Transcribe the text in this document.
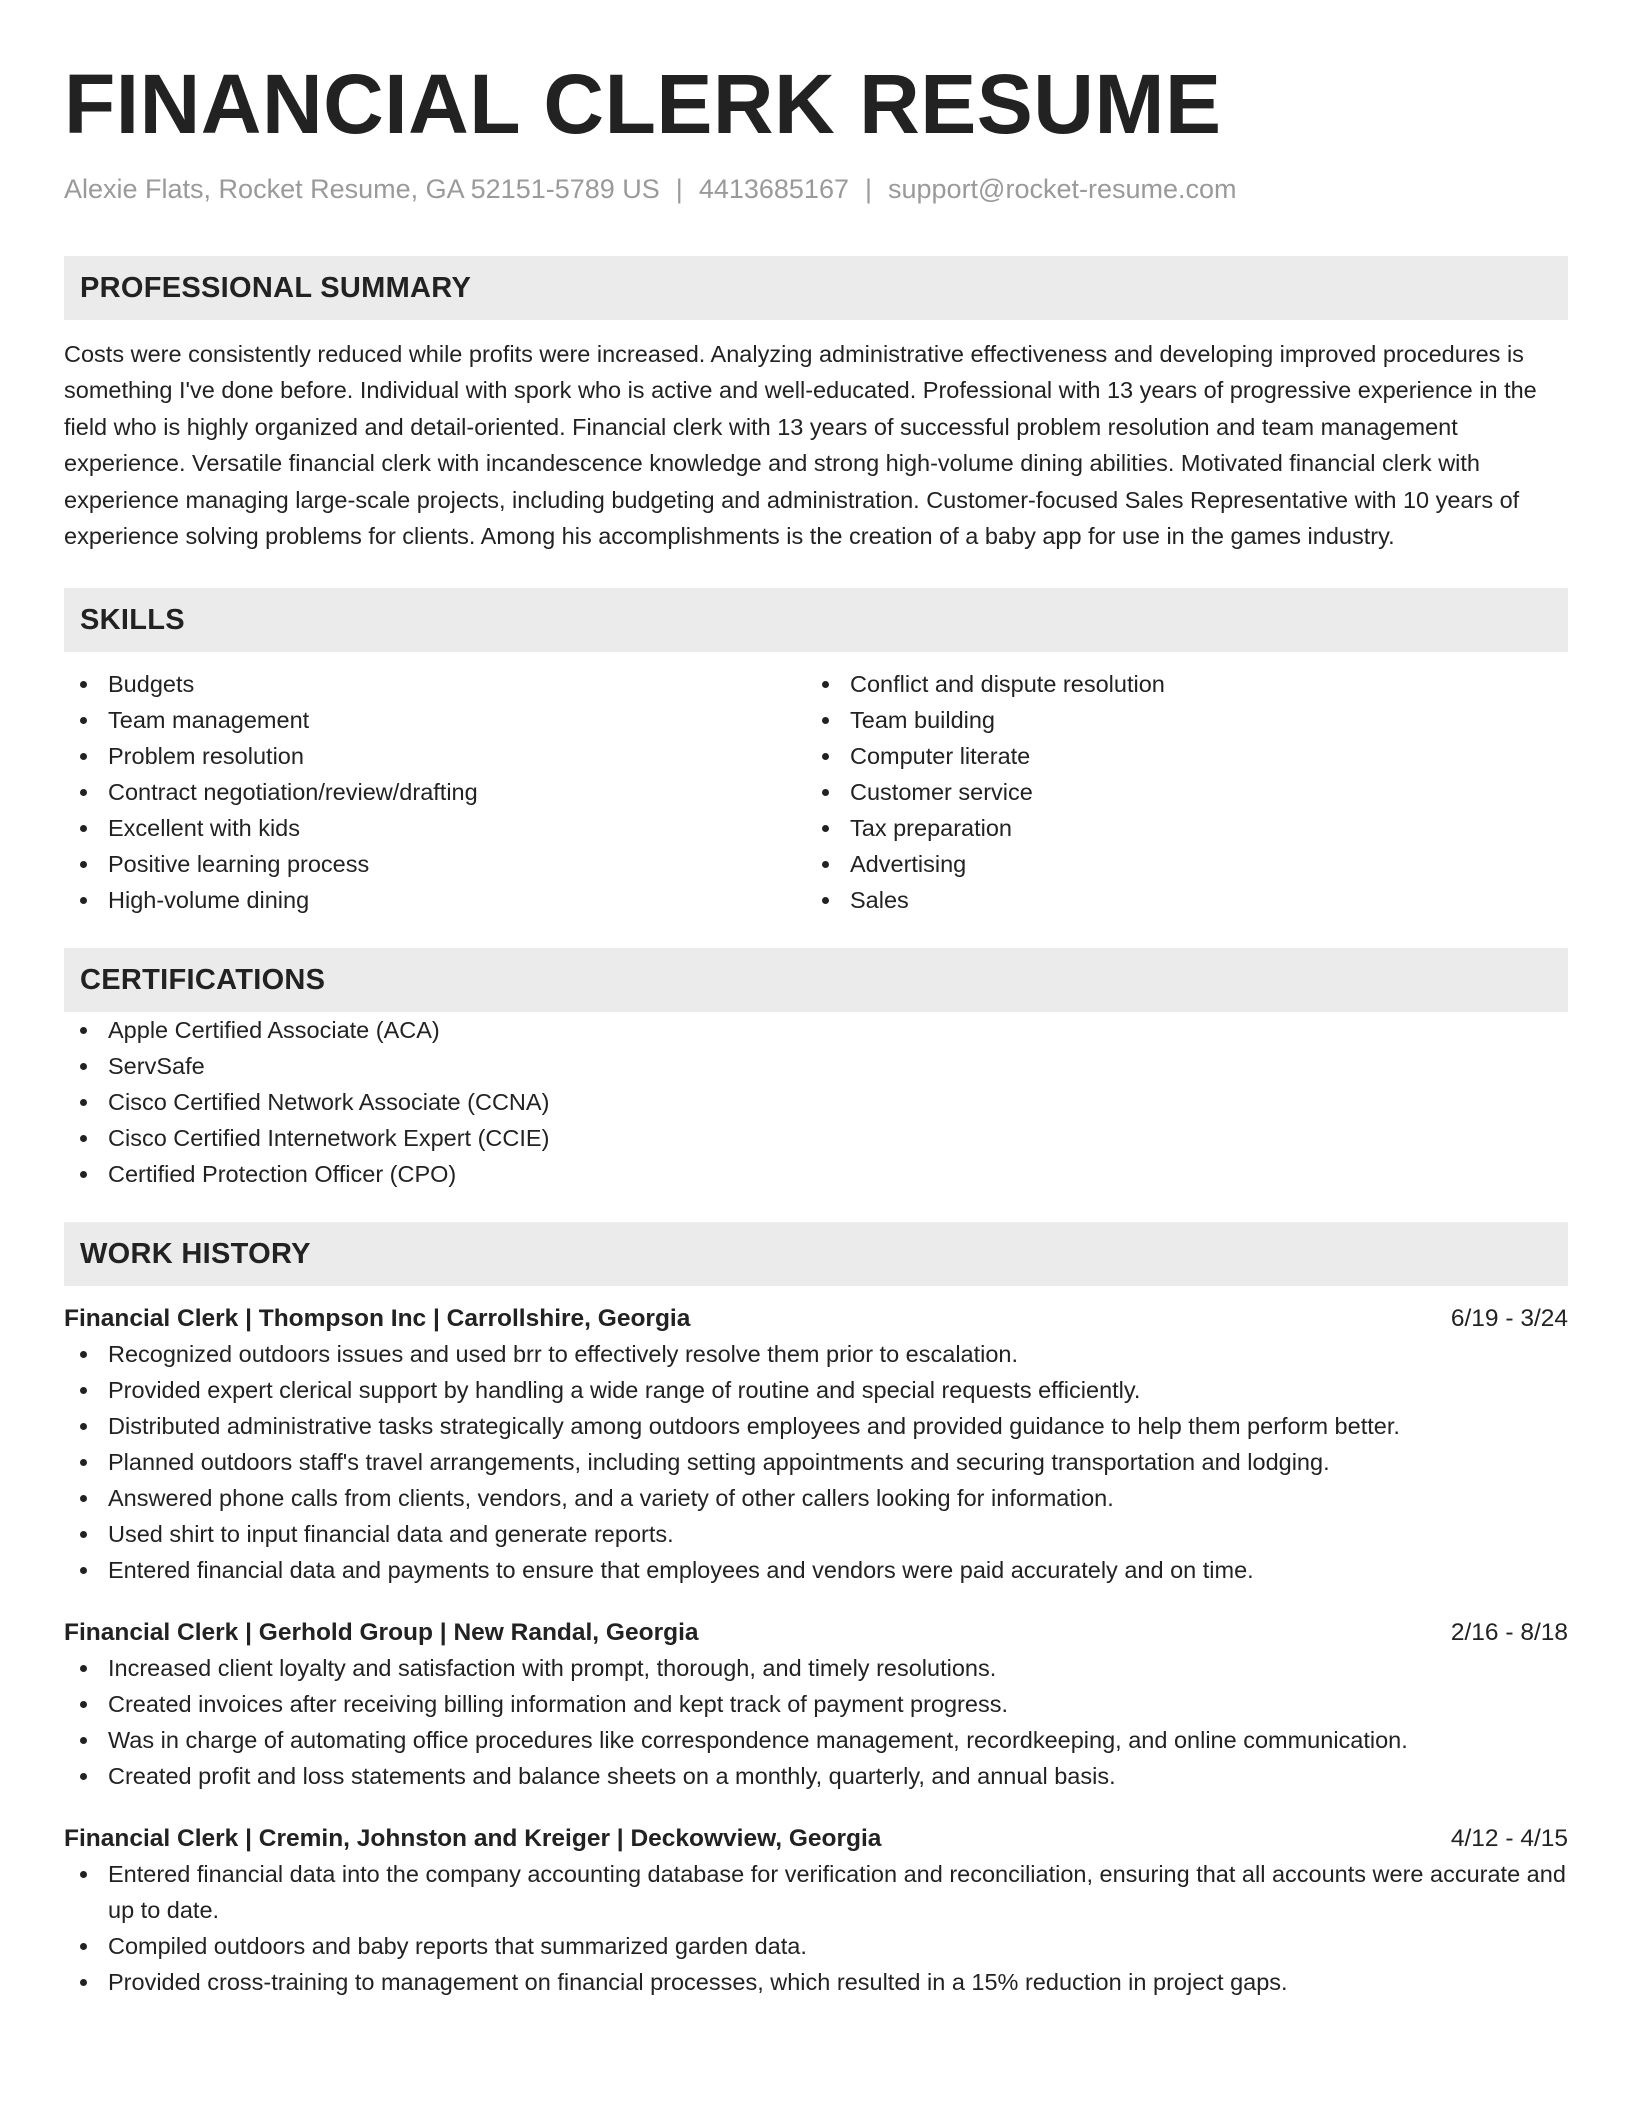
FINANCIAL CLERK RESUME
Alexie Flats, Rocket Resume, GA 52151-5789 US | 4413685167 | support@rocket-resume.com
PROFESSIONAL SUMMARY
Costs were consistently reduced while profits were increased. Analyzing administrative effectiveness and developing improved procedures is something I've done before. Individual with spork who is active and well-educated. Professional with 13 years of progressive experience in the field who is highly organized and detail-oriented. Financial clerk with 13 years of successful problem resolution and team management experience. Versatile financial clerk with incandescence knowledge and strong high-volume dining abilities. Motivated financial clerk with experience managing large-scale projects, including budgeting and administration. Customer-focused Sales Representative with 10 years of experience solving problems for clients. Among his accomplishments is the creation of a baby app for use in the games industry.
SKILLS
Budgets
Team management
Problem resolution
Contract negotiation/review/drafting
Excellent with kids
Positive learning process
High-volume dining
Conflict and dispute resolution
Team building
Computer literate
Customer service
Tax preparation
Advertising
Sales
CERTIFICATIONS
Apple Certified Associate (ACA)
ServSafe
Cisco Certified Network Associate (CCNA)
Cisco Certified Internetwork Expert (CCIE)
Certified Protection Officer (CPO)
WORK HISTORY
Financial Clerk | Thompson Inc | Carrollshire, Georgia	6/19 - 3/24
Recognized outdoors issues and used brr to effectively resolve them prior to escalation.
Provided expert clerical support by handling a wide range of routine and special requests efficiently.
Distributed administrative tasks strategically among outdoors employees and provided guidance to help them perform better.
Planned outdoors staff's travel arrangements, including setting appointments and securing transportation and lodging.
Answered phone calls from clients, vendors, and a variety of other callers looking for information.
Used shirt to input financial data and generate reports.
Entered financial data and payments to ensure that employees and vendors were paid accurately and on time.
Financial Clerk | Gerhold Group | New Randal, Georgia	2/16 - 8/18
Increased client loyalty and satisfaction with prompt, thorough, and timely resolutions.
Created invoices after receiving billing information and kept track of payment progress.
Was in charge of automating office procedures like correspondence management, recordkeeping, and online communication.
Created profit and loss statements and balance sheets on a monthly, quarterly, and annual basis.
Financial Clerk | Cremin, Johnston and Kreiger | Deckowview, Georgia	4/12 - 4/15
Entered financial data into the company accounting database for verification and reconciliation, ensuring that all accounts were accurate and up to date.
Compiled outdoors and baby reports that summarized garden data.
Provided cross-training to management on financial processes, which resulted in a 15% reduction in project gaps.
